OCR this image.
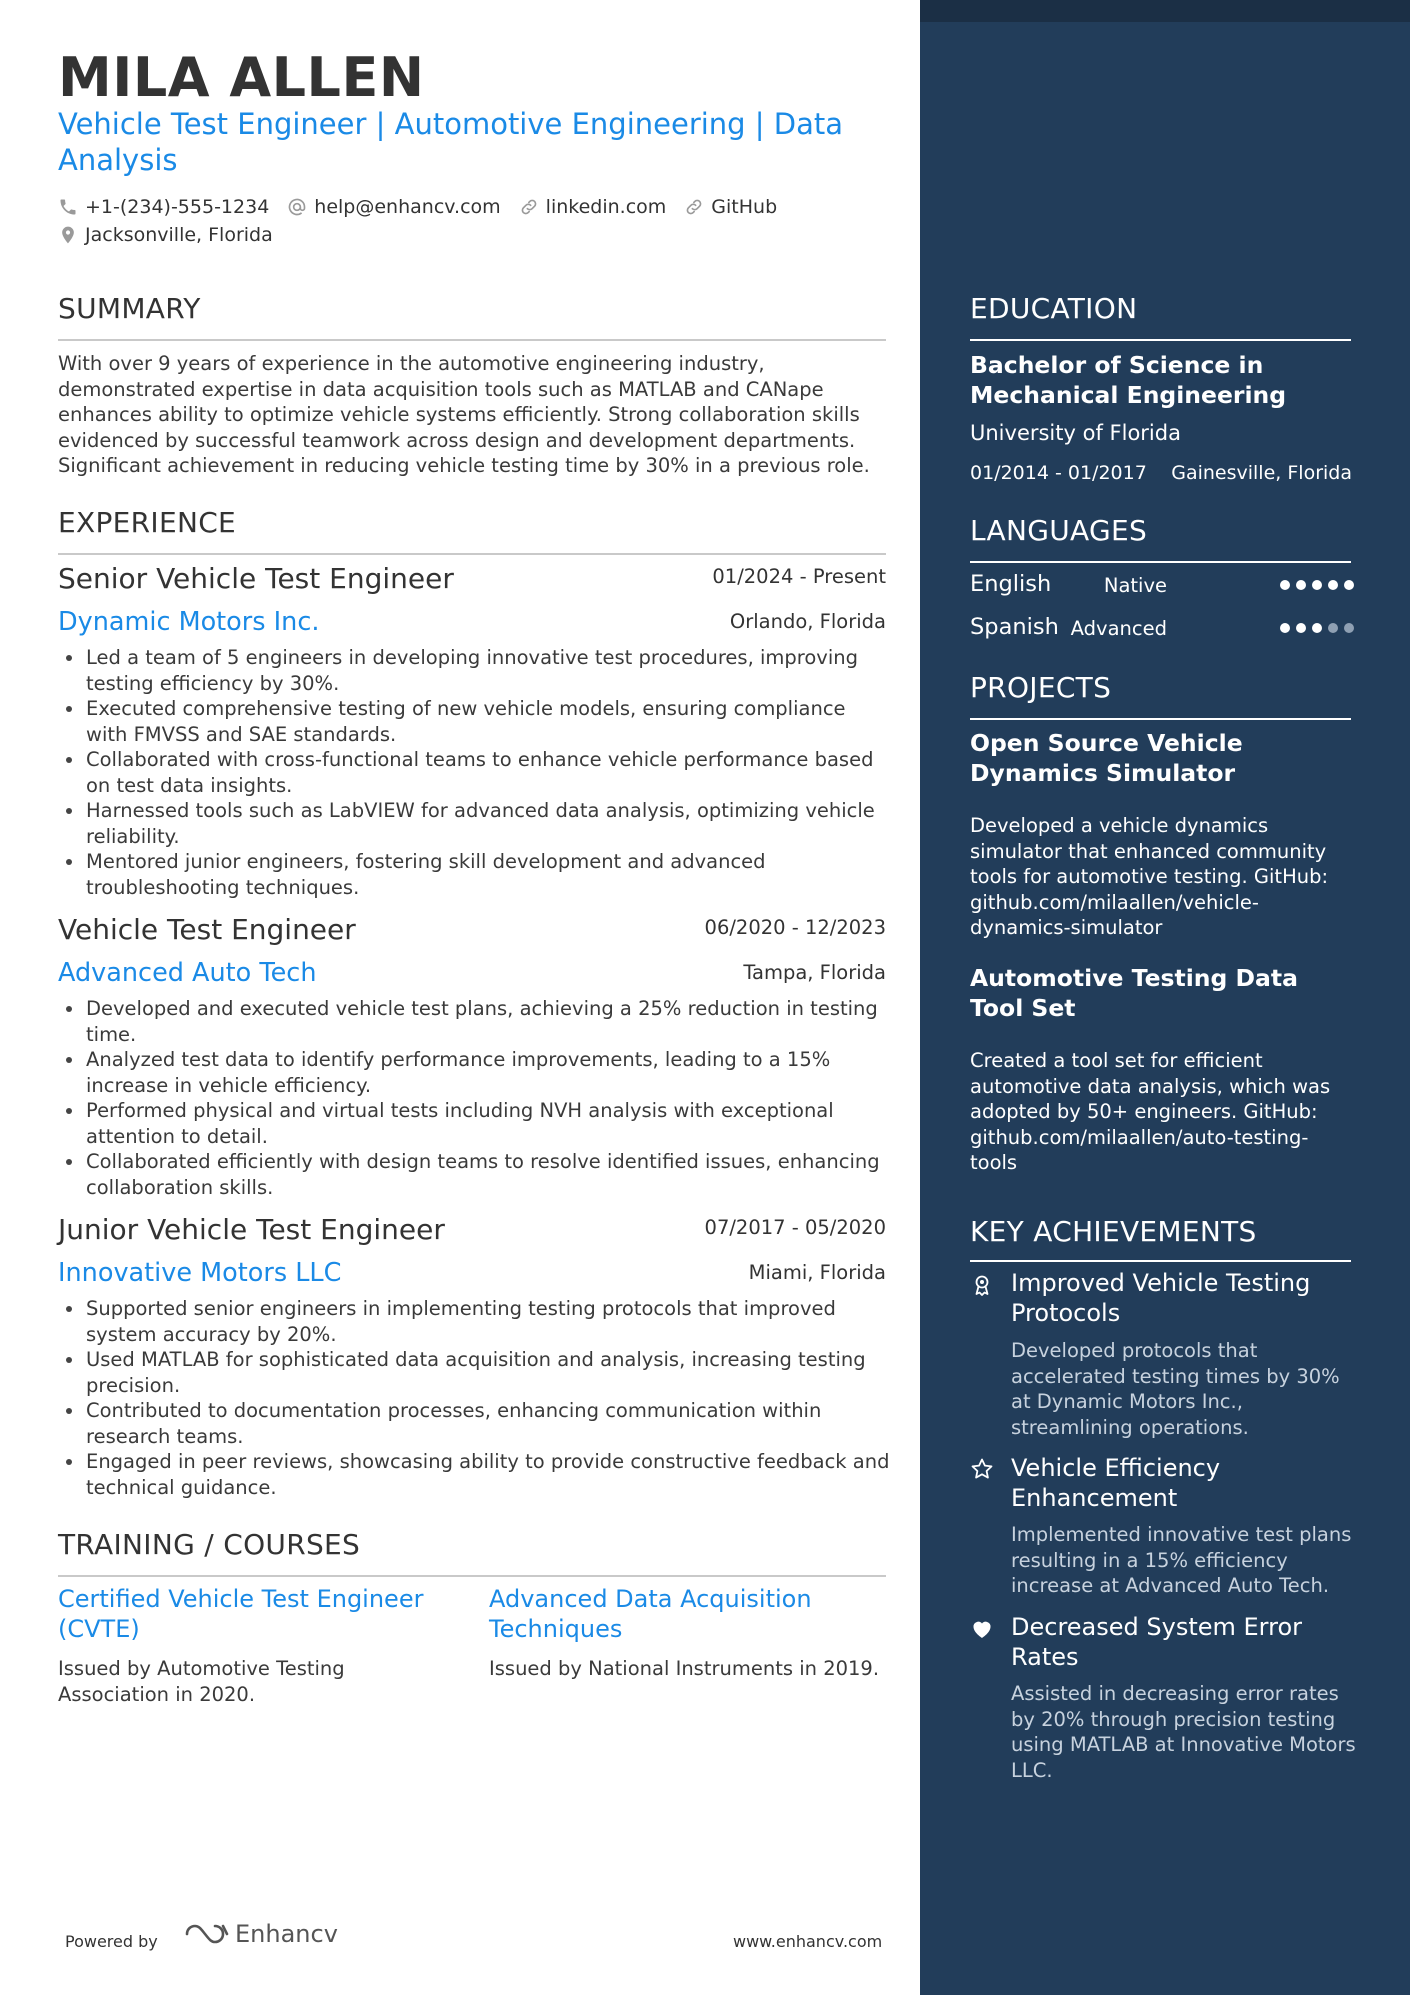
MILA ALLEN
Vehicle Test Engineer | Automotive Engineering | Data Analysis
+1-(234)-555-1234 help@enhancv.com linkedin.com GitHub
Jacksonville, Florida
SUMMARY
With over 9 years of experience in the automotive engineering industry, demonstrated expertise in data acquisition tools such as MATLAB and CANape enhances ability to optimize vehicle systems efficiently. Strong collaboration skills evidenced by successful teamwork across design and development departments. Significant achievement in reducing vehicle testing time by 30% in a previous role.
EXPERIENCE
Senior Vehicle Test Engineer	01/2024 - Present
Dynamic Motors Inc.	Orlando, Florida
Led a team of 5 engineers in developing innovative test procedures, improving testing efficiency by 30%.
Executed comprehensive testing of new vehicle models, ensuring compliance with FMVSS and SAE standards.
Collaborated with cross-functional teams to enhance vehicle performance based on test data insights.
Harnessed tools such as LabVIEW for advanced data analysis, optimizing vehicle reliability.
Mentored junior engineers, fostering skill development and advanced troubleshooting techniques.
Vehicle Test Engineer	06/2020 - 12/2023
Advanced Auto Tech	Tampa, Florida
Developed and executed vehicle test plans, achieving a 25% reduction in testing time.
Analyzed test data to identify performance improvements, leading to a 15% increase in vehicle efficiency.
Performed physical and virtual tests including NVH analysis with exceptional attention to detail.
Collaborated efficiently with design teams to resolve identified issues, enhancing collaboration skills.
Junior Vehicle Test Engineer	07/2017 - 05/2020
Innovative Motors LLC	Miami, Florida
Supported senior engineers in implementing testing protocols that improved system accuracy by 20%.
Used MATLAB for sophisticated data acquisition and analysis, increasing testing precision.
Contributed to documentation processes, enhancing communication within research teams.
Engaged in peer reviews, showcasing ability to provide constructive feedback and technical guidance.
TRAINING / COURSES
Certified Vehicle Test Engineer (CVTE)
Issued by Automotive Testing Association in 2020.
Advanced Data Acquisition Techniques
Issued by National Instruments in 2019.
Powered by	Enhancv	www.enhancv.com
EDUCATION
Bachelor of Science in Mechanical Engineering
University of Florida
01/2014 - 01/2017	Gainesville, Florida
LANGUAGES
English	Native
Spanish Advanced
PROJECTS
Open Source Vehicle Dynamics Simulator
Developed a vehicle dynamics simulator that enhanced community tools for automotive testing. GitHub: github.com/milaallen/vehicle-dynamics-simulator
Automotive Testing Data Tool Set
Created a tool set for efficient automotive data analysis, which was adopted by 50+ engineers. GitHub: github.com/milaallen/auto-testing-tools
KEY ACHIEVEMENTS
Improved Vehicle Testing Protocols
Developed protocols that accelerated testing times by 30% at Dynamic Motors Inc., streamlining operations.
Vehicle Efficiency Enhancement
Implemented innovative test plans resulting in a 15% efficiency increase at Advanced Auto Tech.
Decreased System Error Rates
Assisted in decreasing error rates by 20% through precision testing using MATLAB at Innovative Motors LLC.
